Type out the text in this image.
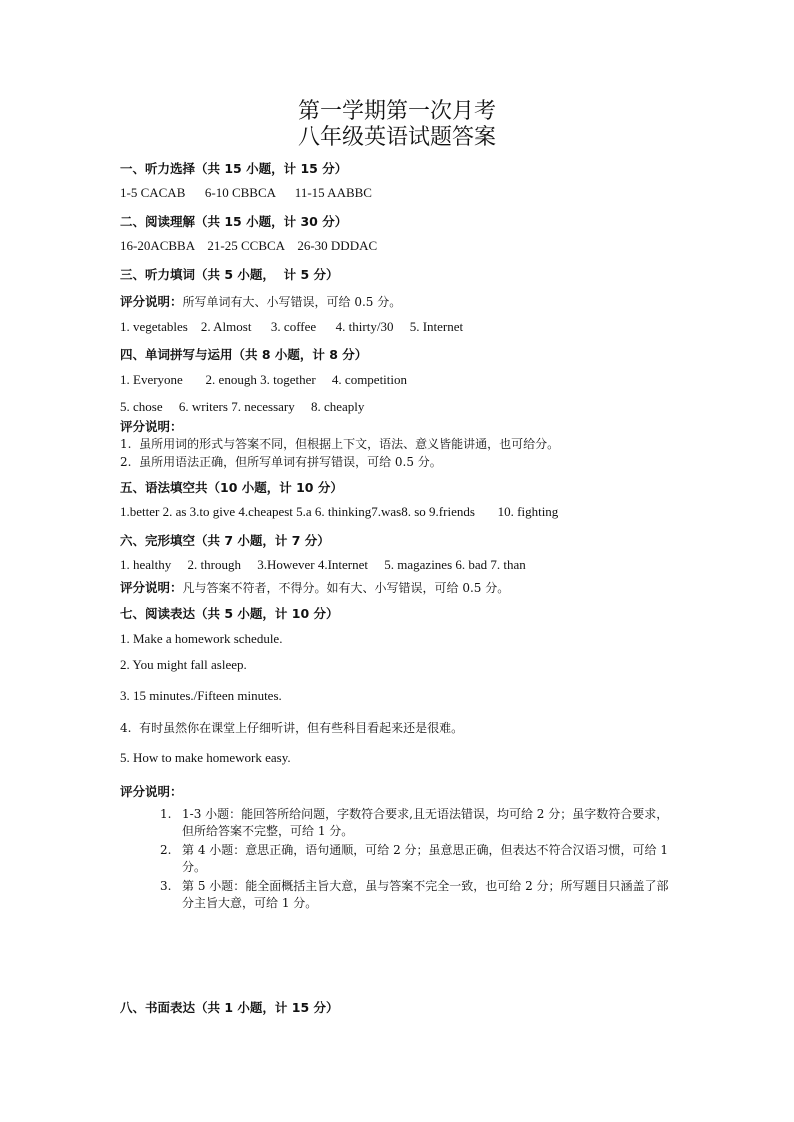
第一学期第一次月考
八年级英语试题答案
一、听力选择（共 15 小题，计 15 分）
1-5 CACAB      6-10 CBBCA      11-15 AABBC
二、阅读理解（共 15 小题，计 30 分）
16-20ACBBA    21-25 CCBCA    26-30 DDDAC
三、听力填词（共 5 小题，  计 5 分）
评分说明：所写单词有大、小写错误，可给 0.5 分。
1. vegetables    2. Almost      3. coffee      4. thirty/30     5. Internet
四、单词拼写与运用（共 8 小题，计 8 分）
1. Everyone       2. enough 3. together     4. competition
5. chose     6. writers 7. necessary     8. cheaply
评分说明：
1.  虽所用词的形式与答案不同，但根据上下文，语法、意义皆能讲通，也可给分。
2.  虽所用语法正确，但所写单词有拼写错误，可给 0.5 分。
五、语法填空共（10 小题，计 10 分）
1.better 2. as 3.to give 4.cheapest 5.a 6. thinking7.was8. so 9.friends       10. fighting
六、完形填空（共 7 小题，计 7 分）
1. healthy     2. through     3.However 4.Internet     5. magazines 6. bad 7. than
评分说明：凡与答案不符者，不得分。如有大、小写错误，可给 0.5 分。
七、阅读表达（共 5 小题，计 10 分）
1. Make a homework schedule.
2. You might fall asleep.
3. 15 minutes./Fifteen minutes.
4.  有时虽然你在课堂上仔细听讲，但有些科目看起来还是很难。
5. How to make homework easy.
评分说明：
1. 1-3 小题：能回答所给问题，字数符合要求,且无语法错误，均可给 2 分；虽字数符合要求，但所给答案不完整，可给 1 分。
2. 第 4 小题：意思正确，语句通顺，可给 2 分；虽意思正确，但表达不符合汉语习惯，可给 1 分。
3. 第 5 小题：能全面概括主旨大意，虽与答案不完全一致，也可给 2 分；所写题目只涵盖了部分主旨大意，可给 1 分。
八、书面表达（共 1 小题，计 15 分）
